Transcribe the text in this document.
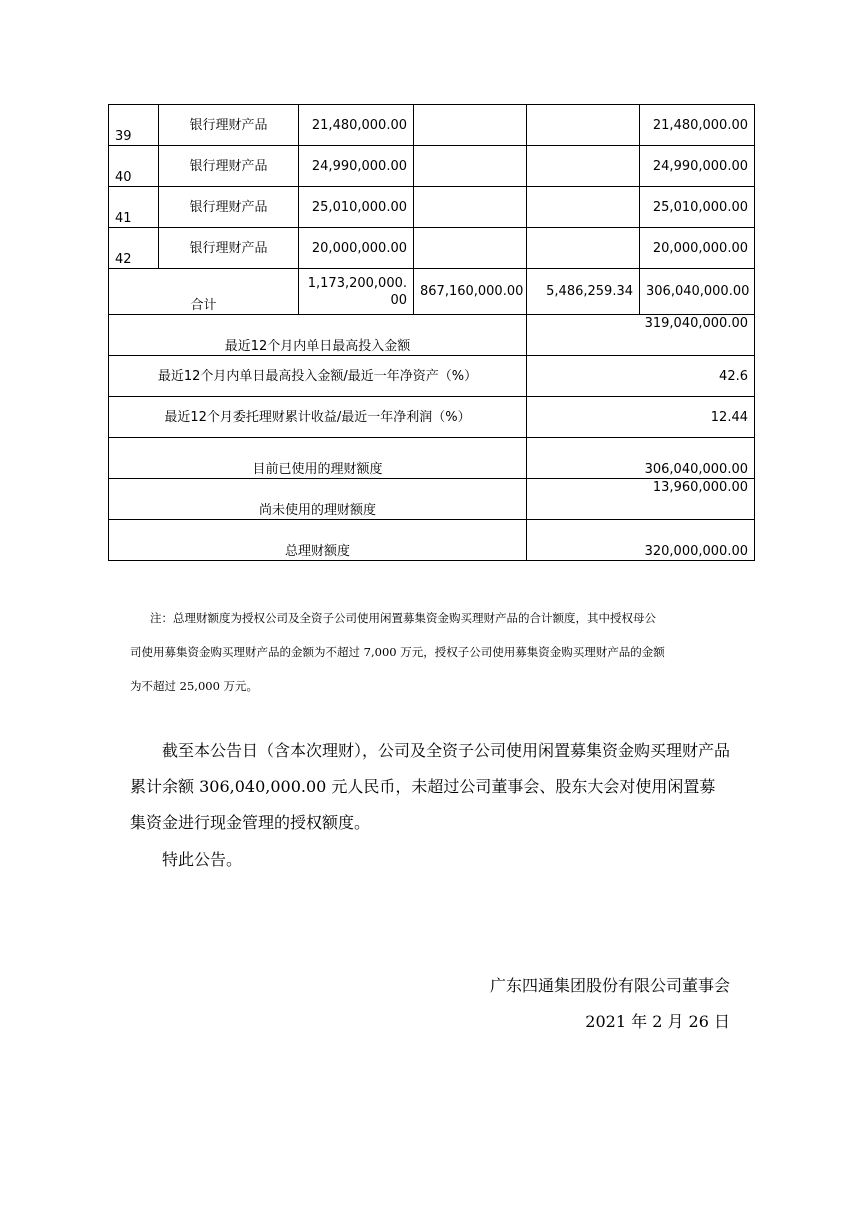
39	银行理财产品	21,480,000.00			21,480,000.00
40	银行理财产品	24,990,000.00			24,990,000.00
41	银行理财产品	25,010,000.00			25,010,000.00
42	银行理财产品	20,000,000.00			20,000,000.00
合计		1,173,200,000.00	867,160,000.00	5,486,259.34	306,040,000.00
最近12个月内单日最高投入金额				319,040,000.00	
最近12个月内单日最高投入金额/最近一年净资产（%）				42.6	
最近12个月委托理财累计收益/最近一年净利润（%）				12.44	
目前已使用的理财额度				306,040,000.00	
尚未使用的理财额度				13,960,000.00	
总理财额度				320,000,000.00	
注：总理财额度为授权公司及全资子公司使用闲置募集资金购买理财产品的合计额度，其中授权母公
司使用募集资金购买理财产品的金额为不超过 7,000 万元，授权子公司使用募集资金购买理财产品的金额
为不超过 25,000 万元。

截至本公告日（含本次理财），公司及全资子公司使用闲置募集资金购买理财产品累计余额 306,040,000.00 元人民币，未超过公司董事会、股东大会对使用闲置募集资金进行现金管理的授权额度。

特此公告。

广东四通集团股份有限公司董事会

2021 年 2 月 26 日
